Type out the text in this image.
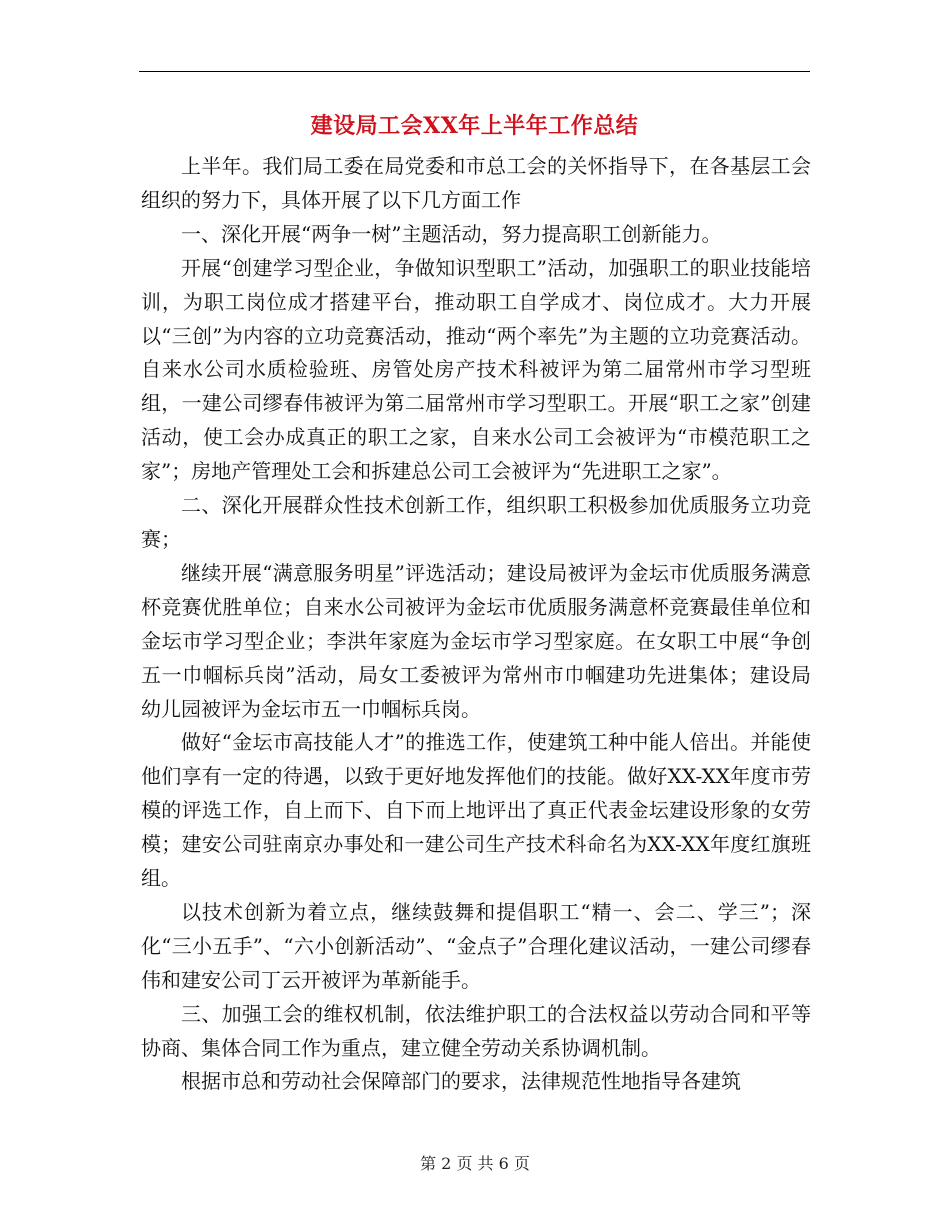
建设局工会XX年上半年工作总结

上半年。我们局工委在局党委和市总工会的关怀指导下，在各基层工会组织的努力下，具体开展了以下几方面工作

一、深化开展“两争一树”主题活动，努力提高职工创新能力。

开展“创建学习型企业，争做知识型职工”活动，加强职工的职业技能培训，为职工岗位成才搭建平台，推动职工自学成才、岗位成才。大力开展以“三创”为内容的立功竞赛活动，推动“两个率先”为主题的立功竞赛活动。自来水公司水质检验班、房管处房产技术科被评为第二届常州市学习型班组，一建公司缪春伟被评为第二届常州市学习型职工。开展“职工之家”创建活动，使工会办成真正的职工之家，自来水公司工会被评为“市模范职工之家”；房地产管理处工会和拆建总公司工会被评为“先进职工之家”。

二、深化开展群众性技术创新工作，组织职工积极参加优质服务立功竞赛；

继续开展“满意服务明星”评选活动；建设局被评为金坛市优质服务满意杯竞赛优胜单位；自来水公司被评为金坛市优质服务满意杯竞赛最佳单位和金坛市学习型企业；李洪年家庭为金坛市学习型家庭。在女职工中展“争创五一巾帼标兵岗”活动，局女工委被评为常州市巾帼建功先进集体；建设局幼儿园被评为金坛市五一巾帼标兵岗。

做好“金坛市高技能人才”的推选工作，使建筑工种中能人倍出。并能使他们享有一定的待遇，以致于更好地发挥他们的技能。做好XX-XX年度市劳模的评选工作，自上而下、自下而上地评出了真正代表金坛建设形象的女劳模；建安公司驻南京办事处和一建公司生产技术科命名为XX-XX年度红旗班组。

以技术创新为着立点，继续鼓舞和提倡职工“精一、会二、学三”；深化“三小五手”、“六小创新活动”、“金点子”合理化建议活动，一建公司缪春伟和建安公司丁云开被评为革新能手。

三、加强工会的维权机制，依法维护职工的合法权益以劳动合同和平等协商、集体合同工作为重点，建立健全劳动关系协调机制。

根据市总和劳动社会保障部门的要求，法律规范性地指导各建筑

第 2 页 共 6 页
